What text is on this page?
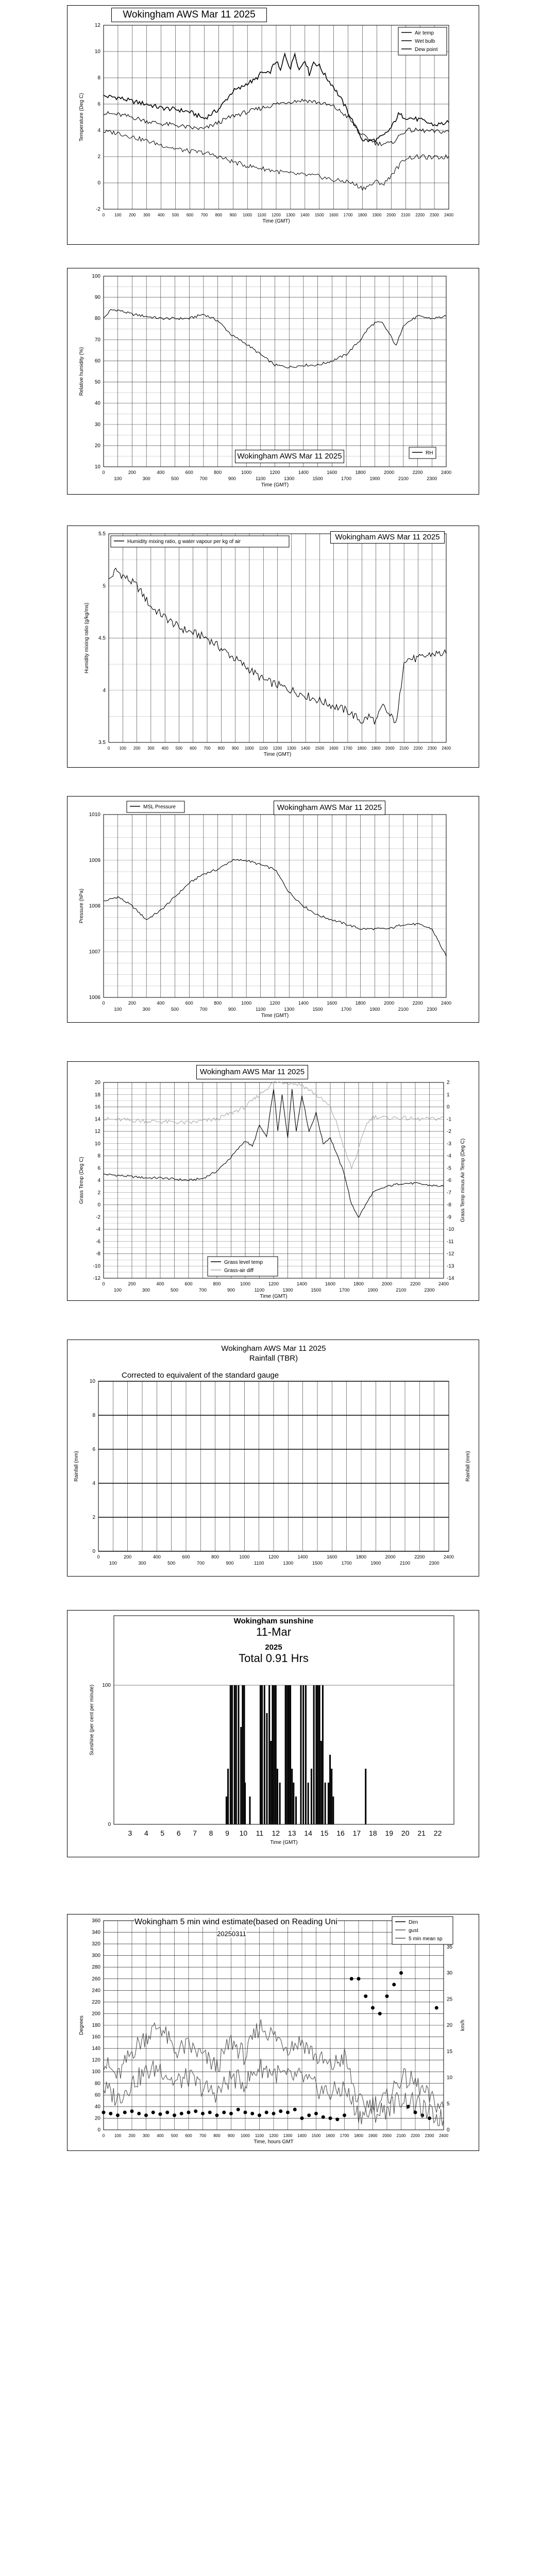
-2
0
2
4
6
8
10
12
0 100 200 300 400 500 600 700 800 900 1000 1100 1200 1300 1400 1500 1600 1700 1800 1900 2000 2100 2200 2300 2400
Time (GMT)
Temperature (Deg C)
Air temp
Wet bulb
Dew point
Wokingham AWS Mar 11 2025
10
20
30
40
50
60
70
80
90
100
0
100
200
300
400
500
600
700
800
900
1000
1100
1200
1300
1400
1500
1600
1700
1800
1900
2000
2100
2200
2300
2400
Time (GMT)
Relative humidity (%)
RH
Wokingham AWS Mar 11 2025
3.5
4
4.5
5
5.5
0 100 200 300 400 500 600 700 800 900 1000 1100 1200 1300 1400 1500 1600 1700 1800 1900 2000 2100 2200 2300 2400
Time (GMT)
Humidity mixing ratio (g/kg/ms)
Humidity mixing ratio, g water vapour per kg of air
Wokingham AWS Mar 11 2025
1006
1007
1008
1009
1010
0
100
200
300
400
500
600
700
800
900
1000
1100
1200
1300
1400
1500
1600
1700
1800
1900
2000
2100
2200
2300
2400
Time (GMT)
Pressure (hPa)
MSL Pressure	Wokingham AWS Mar 11 2025
-12
-10
-8
-6
-4
-2
0
2
4
6
8
10
12
14
16
18
20
-14
-13
-12
-11
-10
-9
-8
-7
-6
-5
-4
-3
-2
-1
0
1
2
0
100
200
300
400
500
600
700
800
900
1000
1100
1200
1300
1400
1500
1600
1700
1800
1900
2000
2100
2200
2300
2400
Time (GMT)
Grass Temp (Deg C)	Grass Temp minus Air Temp (Deg C)
Grass level temp
Grass-air diff
Wokingham AWS Mar 11 2025
0
2
4
6
8
10
0
100
200
300
400
500
600
700
800
900
1000
1100
1200
1300
1400
1500
1600
1700
1800
1900
2000
2100
2200
2300
2400
Rainfall (mm)	Rainfall (mm)
Wokingham AWS Mar 11 2025
Rainfall (TBR)
Corrected to equivalent of the standard gauge
0
100
3 4 5 6 7 8 9 10 11 12 13 14 15 16 17 18 19 20 21 22
Time (GMT)
Sunshine (per cent per minute)
Wokingham sunshine
11-Mar
2025
Total 0.91 Hrs
0
20
40
60
80
100
120
140
160
180
200
220
240
260
280
300
320
340
360
0
5
10
15
20
25
30
35
0 100 200 300 400 500 600 700 800 900 1000 1100 1200 1300 1400 1500 1600 1700 1800 1900 2000 2100 2200 2300 2400
Time, hours GMT
Degrees	km/h
Dirn
gust
5 min mean sp
Wokingham 5 min wind estimate(based on Reading Uni
20250311
